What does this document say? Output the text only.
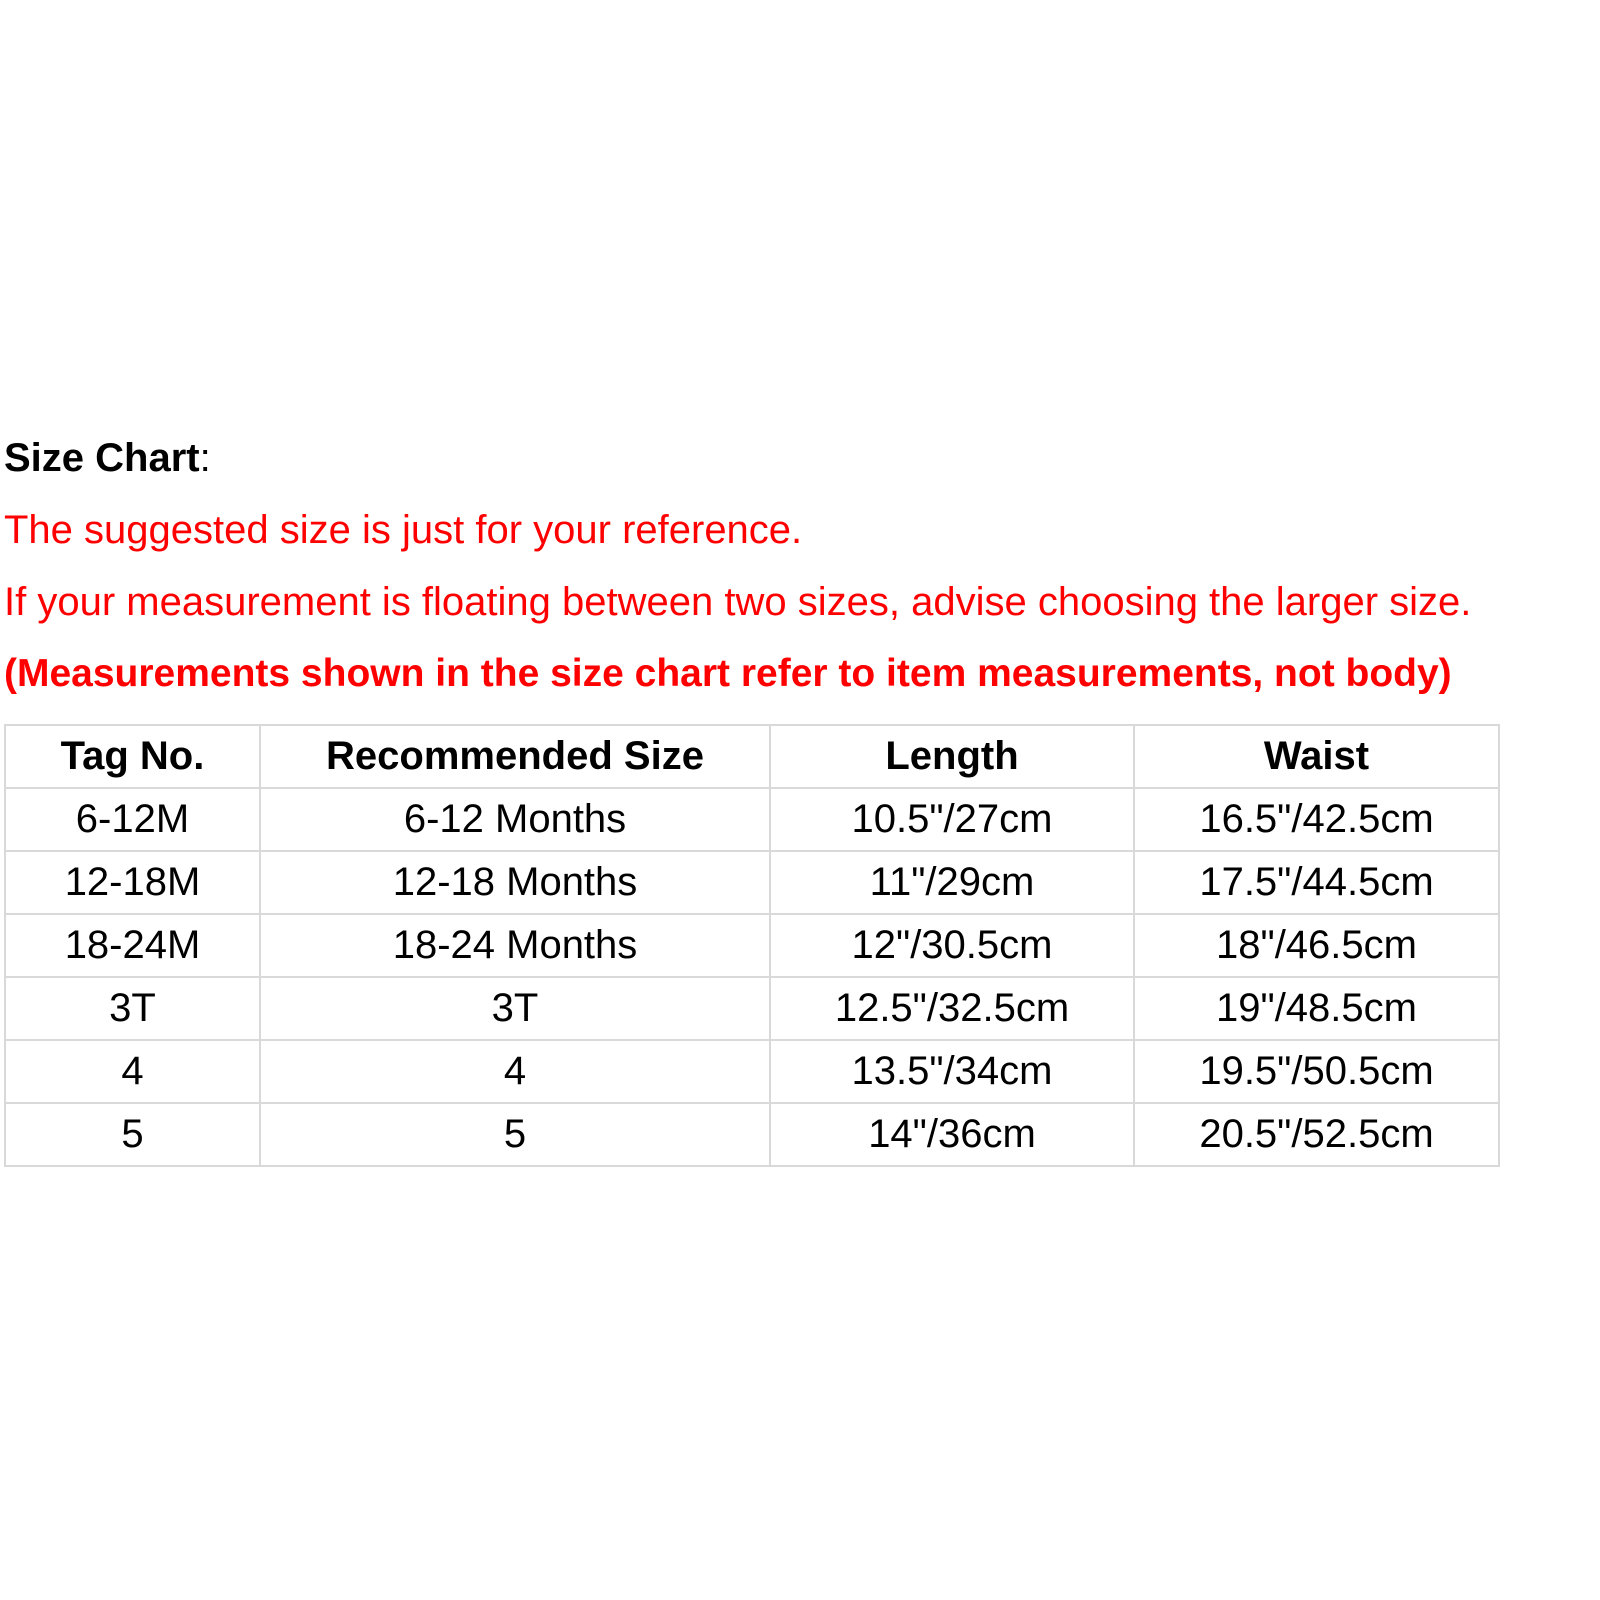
Size Chart:
The suggested size is just for your reference.
If your measurement is floating between two sizes, advise choosing the larger size.
(Measurements shown in the size chart refer to item measurements, not body)
Tag No.	Recommended Size	Length	Waist
6-12M	6-12 Months	10.5"/27cm	16.5"/42.5cm
12-18M	12-18 Months	11"/29cm	17.5"/44.5cm
18-24M	18-24 Months	12"/30.5cm	18"/46.5cm
3T	3T	12.5"/32.5cm	19"/48.5cm
4	4	13.5"/34cm	19.5"/50.5cm
5	5	14"/36cm	20.5"/52.5cm
